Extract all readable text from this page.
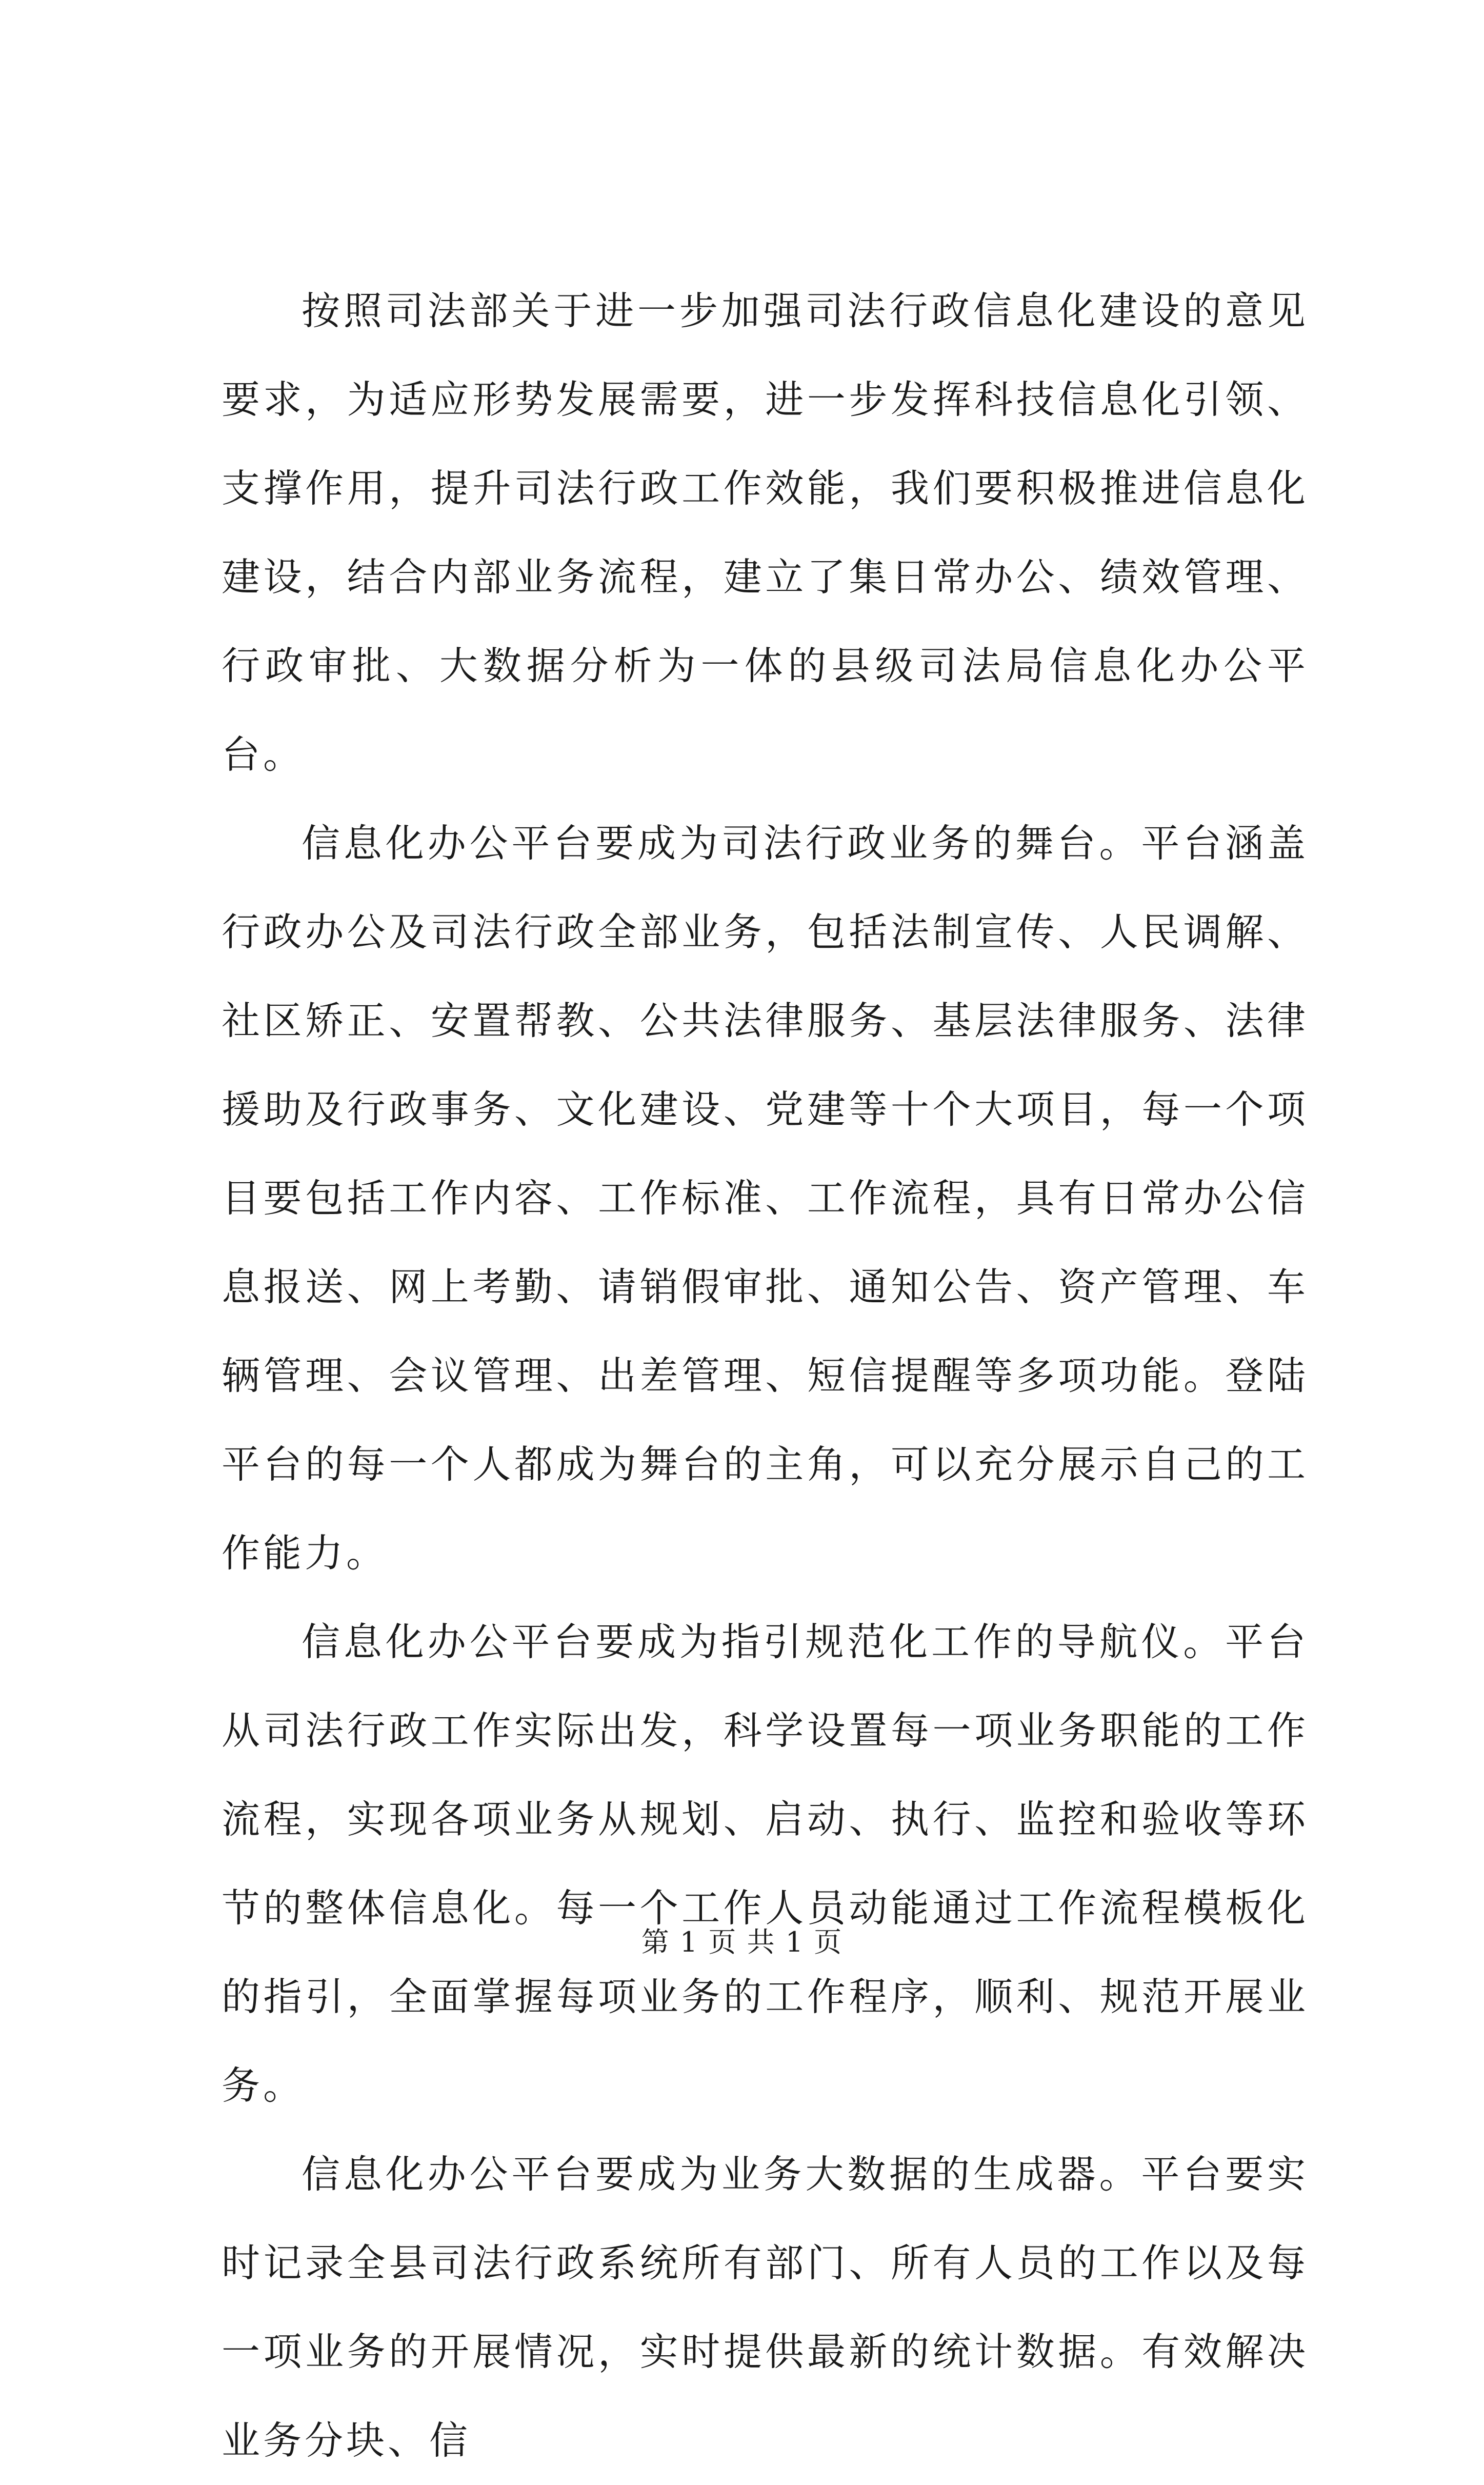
按照司法部关于进一步加强司法行政信息化建设的意见要求，为适应形势发展需要，进一步发挥科技信息化引领、支撑作用，提升司法行政工作效能，我们要积极推进信息化建设，结合内部业务流程，建立了集日常办公、绩效管理、行政审批、大数据分析为一体的县级司法局信息化办公平台。

信息化办公平台要成为司法行政业务的舞台。平台涵盖行政办公及司法行政全部业务，包括法制宣传、人民调解、社区矫正、安置帮教、公共法律服务、基层法律服务、法律援助及行政事务、文化建设、党建等十个大项目，每一个项目要包括工作内容、工作标准、工作流程，具有日常办公信息报送、网上考勤、请销假审批、通知公告、资产管理、车辆管理、会议管理、出差管理、短信提醒等多项功能。登陆平台的每一个人都成为舞台的主角，可以充分展示自己的工作能力。

信息化办公平台要成为指引规范化工作的导航仪。平台从司法行政工作实际出发，科学设置每一项业务职能的工作流程，实现各项业务从规划、启动、执行、监控和验收等环节的整体信息化。每一个工作人员动能通过工作流程模板化的指引，全面掌握每项业务的工作程序，顺利、规范开展业务。

信息化办公平台要成为业务大数据的生成器。平台要实时记录全县司法行政系统所有部门、所有人员的工作以及每一项业务的开展情况，实时提供最新的统计数据。有效解决业务分块、信

第 1 页 共 1 页
